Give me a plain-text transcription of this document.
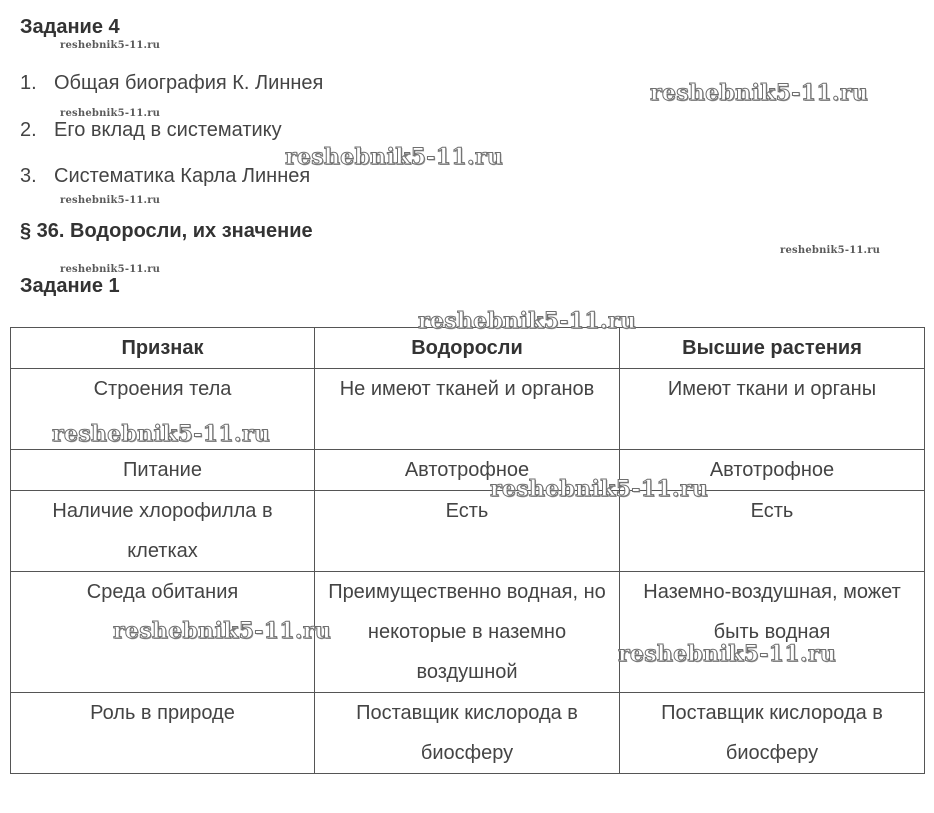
Задание 4
1. Общая биография К. Линнея
2. Его вклад в систематику
3. Систематика Карла Линнея
§ 36. Водоросли, их значение
Задание 1
Признак	Водоросли	Высшие растения
Строения тела	Не имеют тканей и органов	Имеют ткани и органы
Питание	Автотрофное	Автотрофное
Наличие хлорофилла в клетках	Есть	Есть
Среда обитания	Преимущественно водная, но некоторые в наземно воздушной	Наземно-воздушная, может быть водная
Роль в природе	Поставщик кислорода в биосферу	Поставщик кислорода в биосферу
reshebnik5-11.ru
reshebnik5-11.ru
reshebnik5-11.ru
reshebnik5-11.ru
reshebnik5-11.ru
reshebnik5-11.ru
reshebnik5-11.ru
reshebnik5-11.ru
reshebnik5-11.ru
reshebnik5-11.ru
reshebnik5-11.ru
reshebnik5-11.ru
